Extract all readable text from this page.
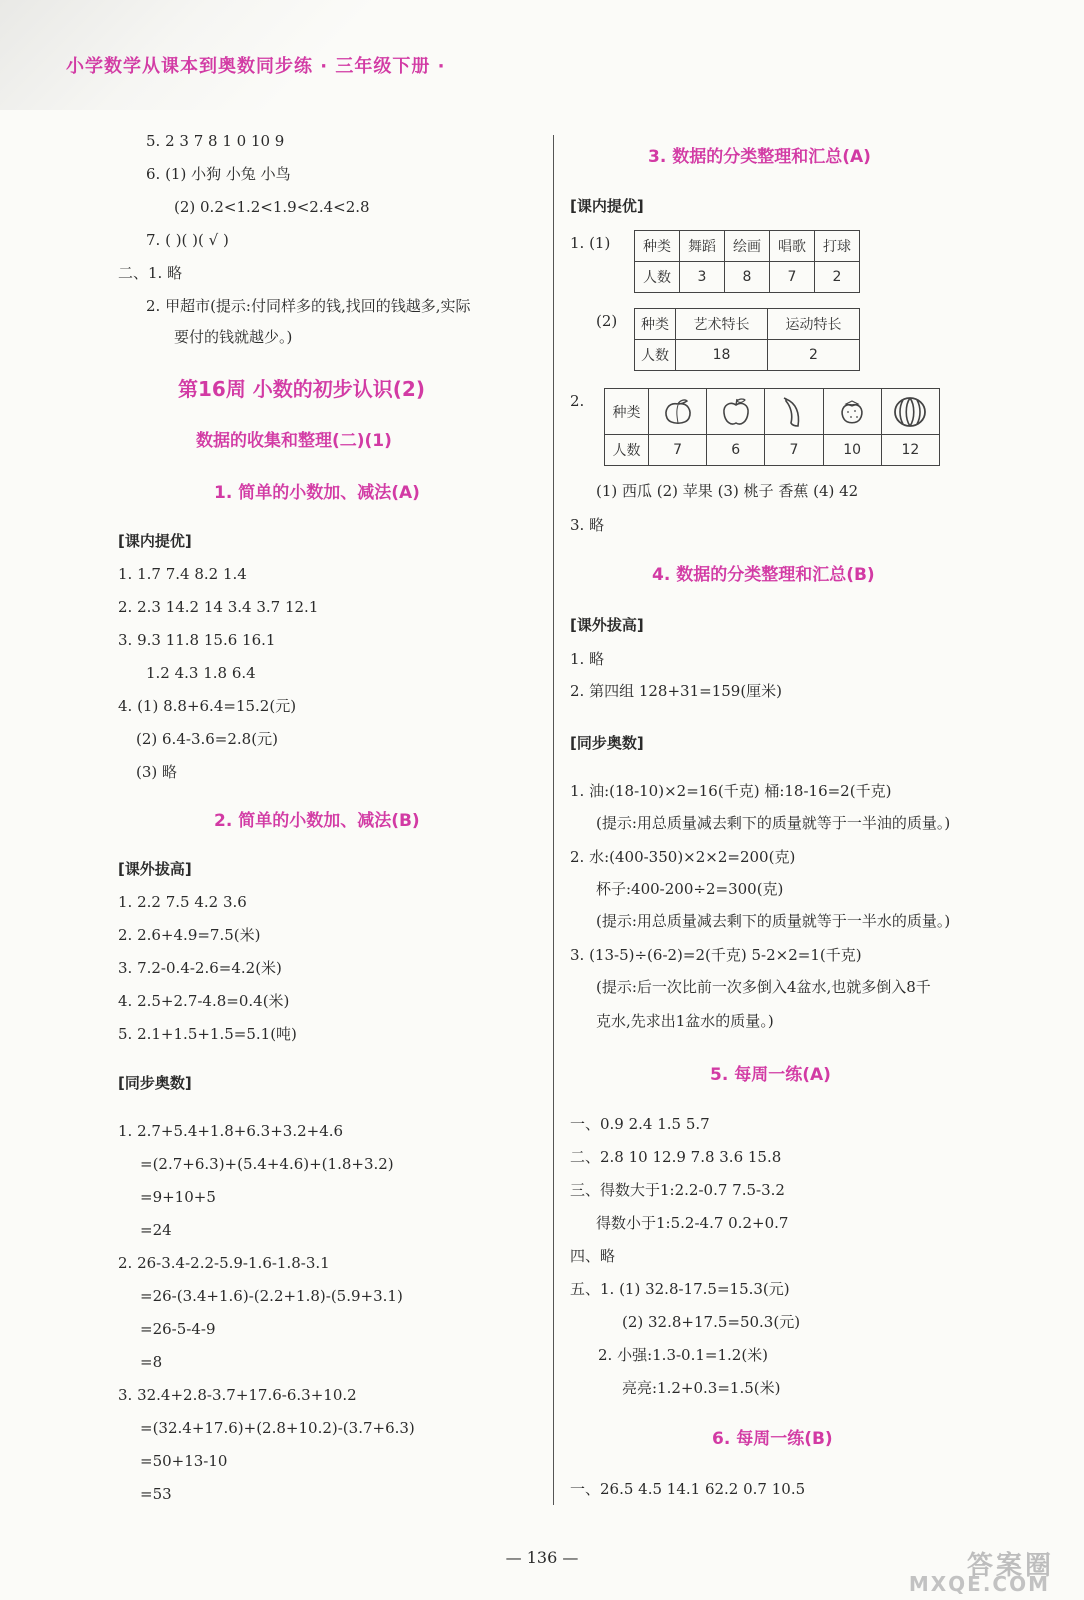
小学数学从课本到奥数同步练 · 三年级下册 ·
5. 2 3 7 8 1 0 10 9
6. (1) 小狗 小兔 小鸟
(2) 0.2<1.2<1.9<2.4<2.8
7. ( )( )( √ )
二、1. 略
2. 甲超市(提示:付同样多的钱,找回的钱越多,实际
要付的钱就越少。)
第16周 小数的初步认识(2)
数据的收集和整理(二)(1)
1. 简单的小数加、减法(A)
[课内提优]
1. 1.7 7.4 8.2 1.4
2. 2.3 14.2 14 3.4 3.7 12.1
3. 9.3 11.8 15.6 16.1
1.2 4.3 1.8 6.4
4. (1) 8.8+6.4=15.2(元)
(2) 6.4-3.6=2.8(元)
(3) 略
2. 简单的小数加、减法(B)
[课外拔高]
1. 2.2 7.5 4.2 3.6
2. 2.6+4.9=7.5(米)
3. 7.2-0.4-2.6=4.2(米)
4. 2.5+2.7-4.8=0.4(米)
5. 2.1+1.5+1.5=5.1(吨)
[同步奥数]
1. 2.7+5.4+1.8+6.3+3.2+4.6
=(2.7+6.3)+(5.4+4.6)+(1.8+3.2)
=9+10+5
=24
2. 26-3.4-2.2-5.9-1.6-1.8-3.1
=26-(3.4+1.6)-(2.2+1.8)-(5.9+3.1)
=26-5-4-9
=8
3. 32.4+2.8-3.7+17.6-6.3+10.2
=(32.4+17.6)+(2.8+10.2)-(3.7+6.3)
=50+13-10
=53
3. 数据的分类整理和汇总(A)
[课内提优]
1. (1) 种类	舞蹈	绘画	唱歌	打球
人数	3	8	7	2
(2) 种类	艺术特长	运动特长
人数	18	2
2.
种类					
人数	7	6	7	10	12
(1) 西瓜 (2) 苹果 (3) 桃子 香蕉 (4) 42
3. 略
4. 数据的分类整理和汇总(B)
[课外拔高]
1. 略
2. 第四组 128+31=159(厘米)
[同步奥数]
1. 油:(18-10)×2=16(千克) 桶:18-16=2(千克)
(提示:用总质量减去剩下的质量就等于一半油的质量。)
2. 水:(400-350)×2×2=200(克)
杯子:400-200÷2=300(克)
(提示:用总质量减去剩下的质量就等于一半水的质量。)
3. (13-5)÷(6-2)=2(千克) 5-2×2=1(千克)
(提示:后一次比前一次多倒入4盆水,也就多倒入8千
克水,先求出1盆水的质量。)
5. 每周一练(A)
一、0.9 2.4 1.5 5.7
二、2.8 10 12.9 7.8 3.6 15.8
三、得数大于1:2.2-0.7 7.5-3.2
得数小于1:5.2-4.7 0.2+0.7
四、略
五、1. (1) 32.8-17.5=15.3(元)
(2) 32.8+17.5=50.3(元)
2. 小强:1.3-0.1=1.2(米)
亮亮:1.2+0.3=1.5(米)
6. 每周一练(B)
一、26.5 4.5 14.1 62.2 0.7 10.5
— 136 —	答案圈
MXQE.COM
